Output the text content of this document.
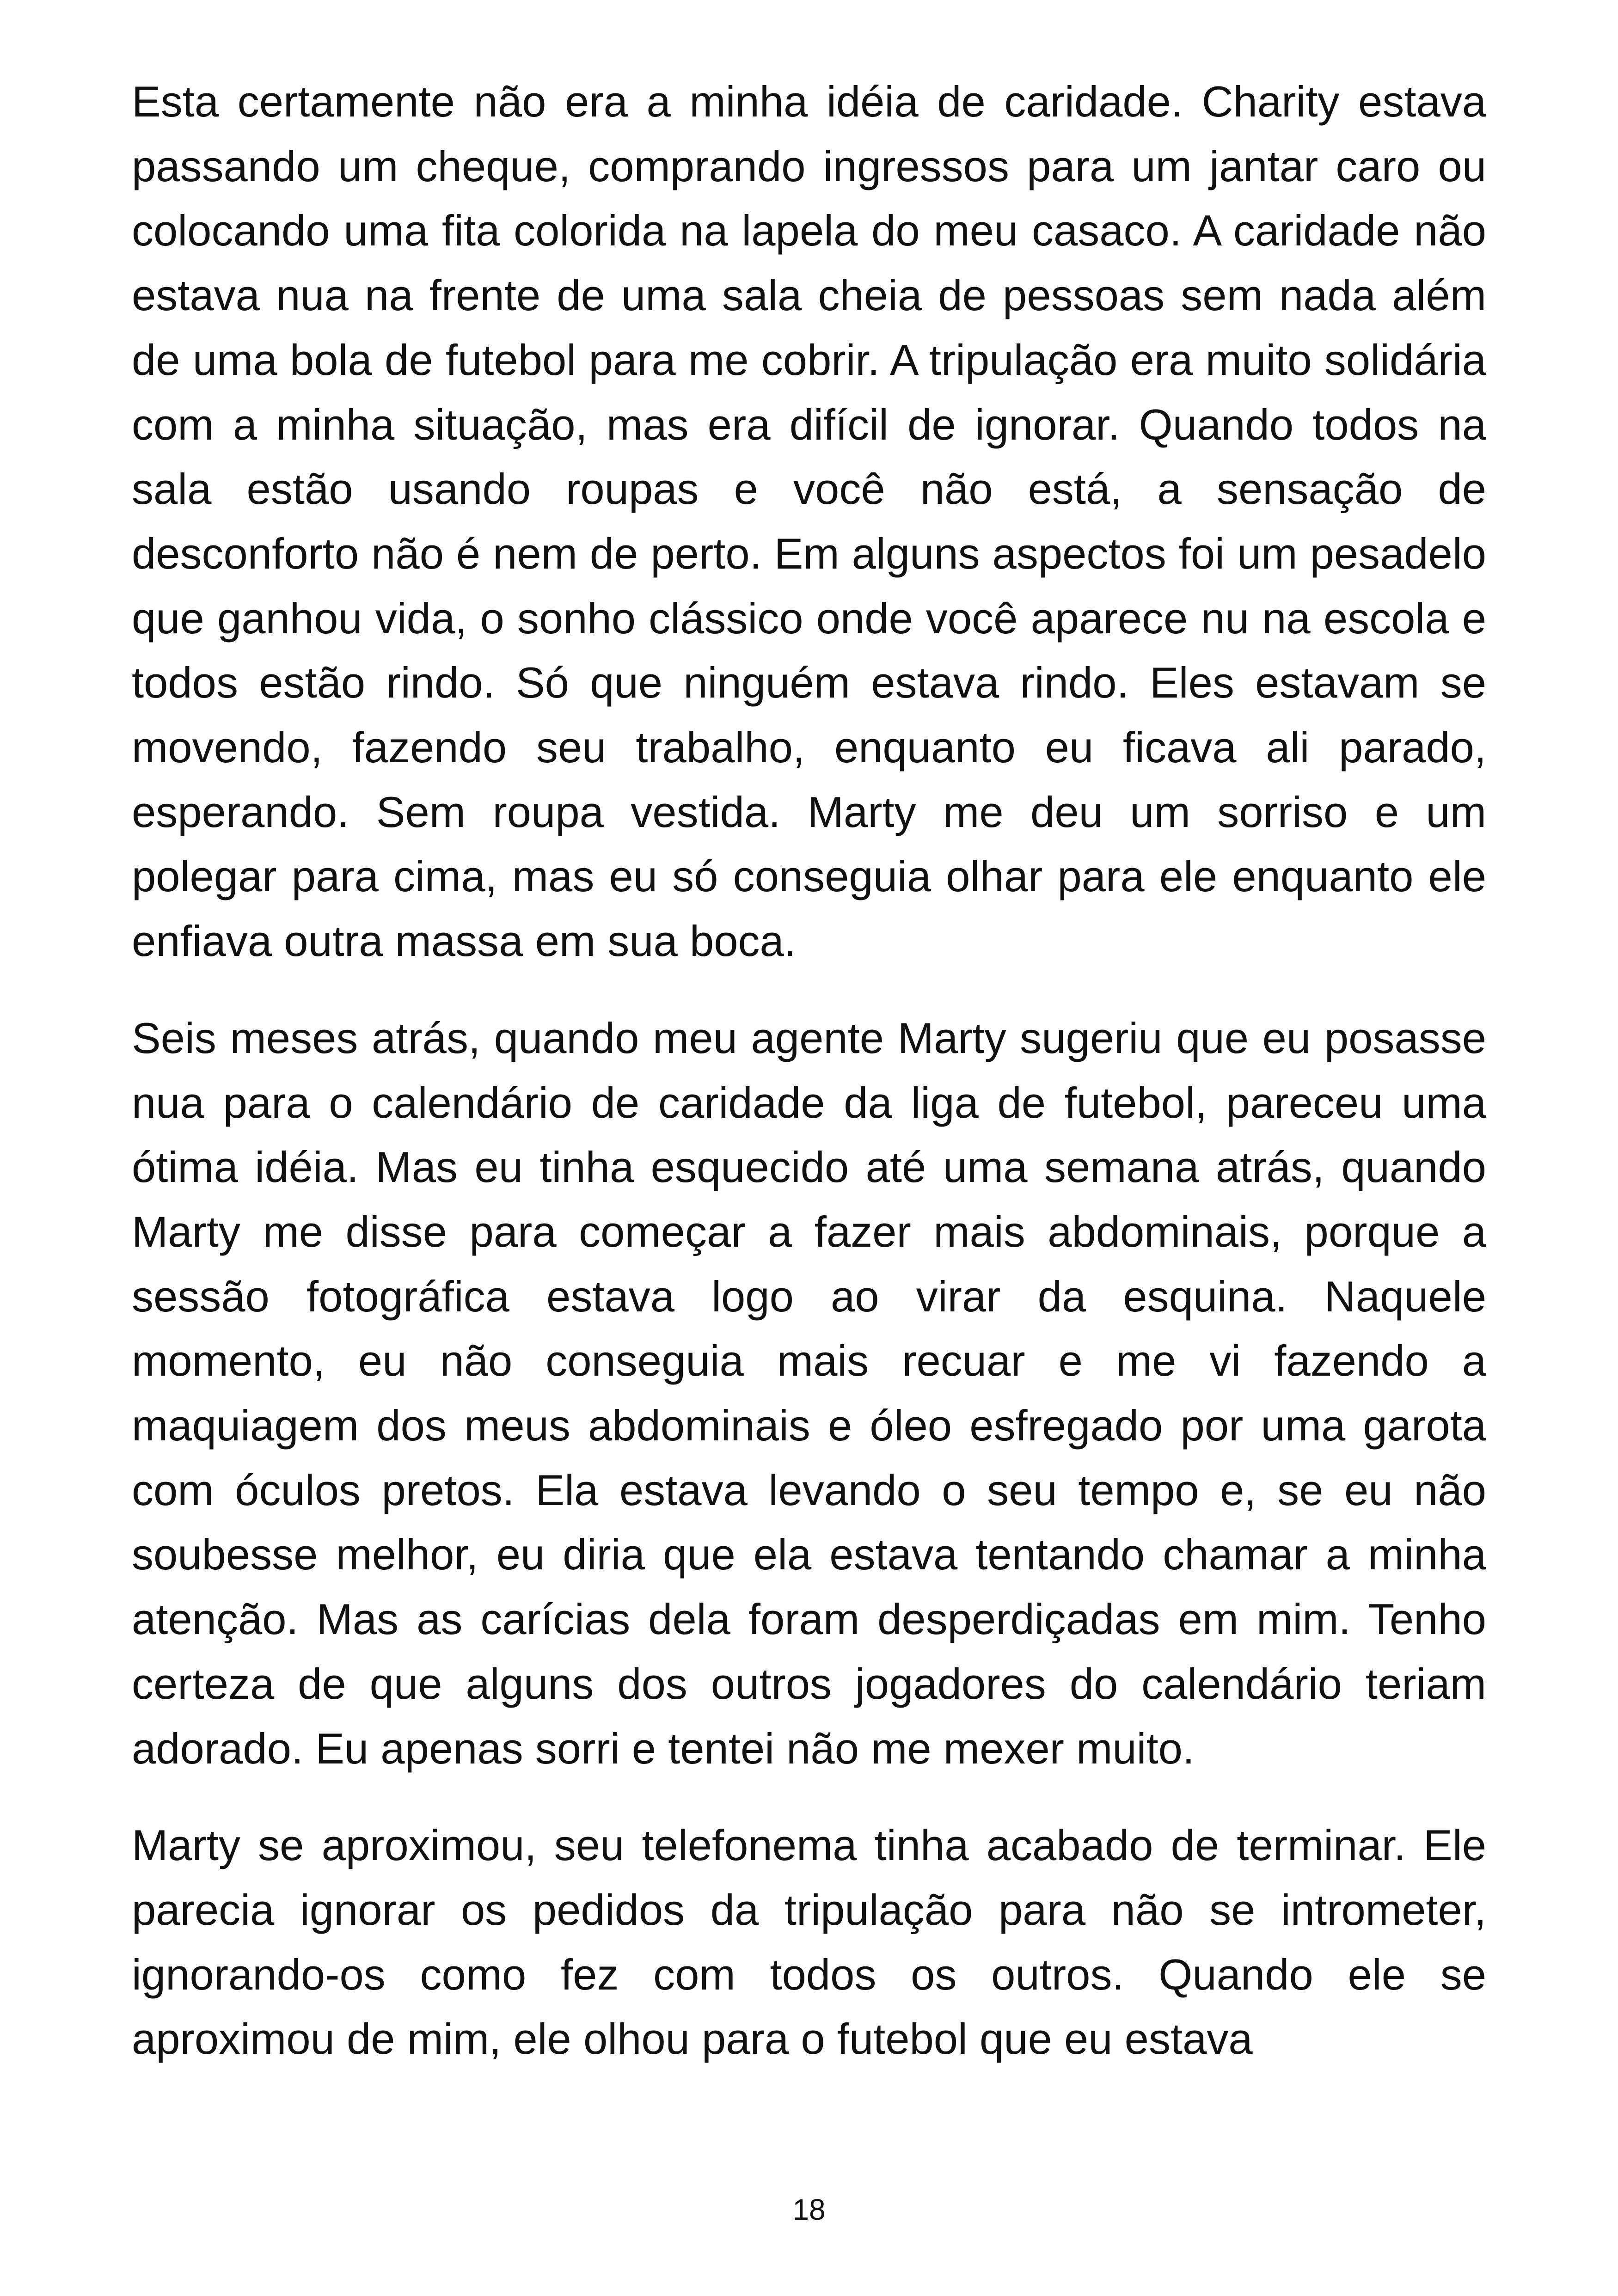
Esta certamente não era a minha idéia de caridade. Charity estava passando um cheque, comprando ingressos para um jantar caro ou colocando uma fita colorida na lapela do meu casaco. A caridade não estava nua na frente de uma sala cheia de pessoas sem nada além de uma bola de futebol para me cobrir. A tripulação era muito solidária com a minha situação, mas era difícil de ignorar. Quando todos na sala estão usando roupas e você não está, a sensação de desconforto não é nem de perto. Em alguns aspectos foi um pesadelo que ganhou vida, o sonho clássico onde você aparece nu na escola e todos estão rindo. Só que ninguém estava rindo. Eles estavam se movendo, fazendo seu trabalho, enquanto eu ficava ali parado, esperando. Sem roupa vestida. Marty me deu um sorriso e um polegar para cima, mas eu só conseguia olhar para ele enquanto ele enfiava outra massa em sua boca.

Seis meses atrás, quando meu agente Marty sugeriu que eu posasse nua para o calendário de caridade da liga de futebol, pareceu uma ótima idéia. Mas eu tinha esquecido até uma semana atrás, quando Marty me disse para começar a fazer mais abdominais, porque a sessão fotográfica estava logo ao virar da esquina. Naquele momento, eu não conseguia mais recuar e me vi fazendo a maquiagem dos meus abdominais e óleo esfregado por uma garota com óculos pretos. Ela estava levando o seu tempo e, se eu não soubesse melhor, eu diria que ela estava tentando chamar a minha atenção. Mas as carícias dela foram desperdiçadas em mim. Tenho certeza de que alguns dos outros jogadores do calendário teriam adorado. Eu apenas sorri e tentei não me mexer muito.

Marty se aproximou, seu telefonema tinha acabado de terminar. Ele parecia ignorar os pedidos da tripulação para não se intrometer, ignorando-os como fez com todos os outros. Quando ele se aproximou de mim, ele olhou para o futebol que eu estava

18
